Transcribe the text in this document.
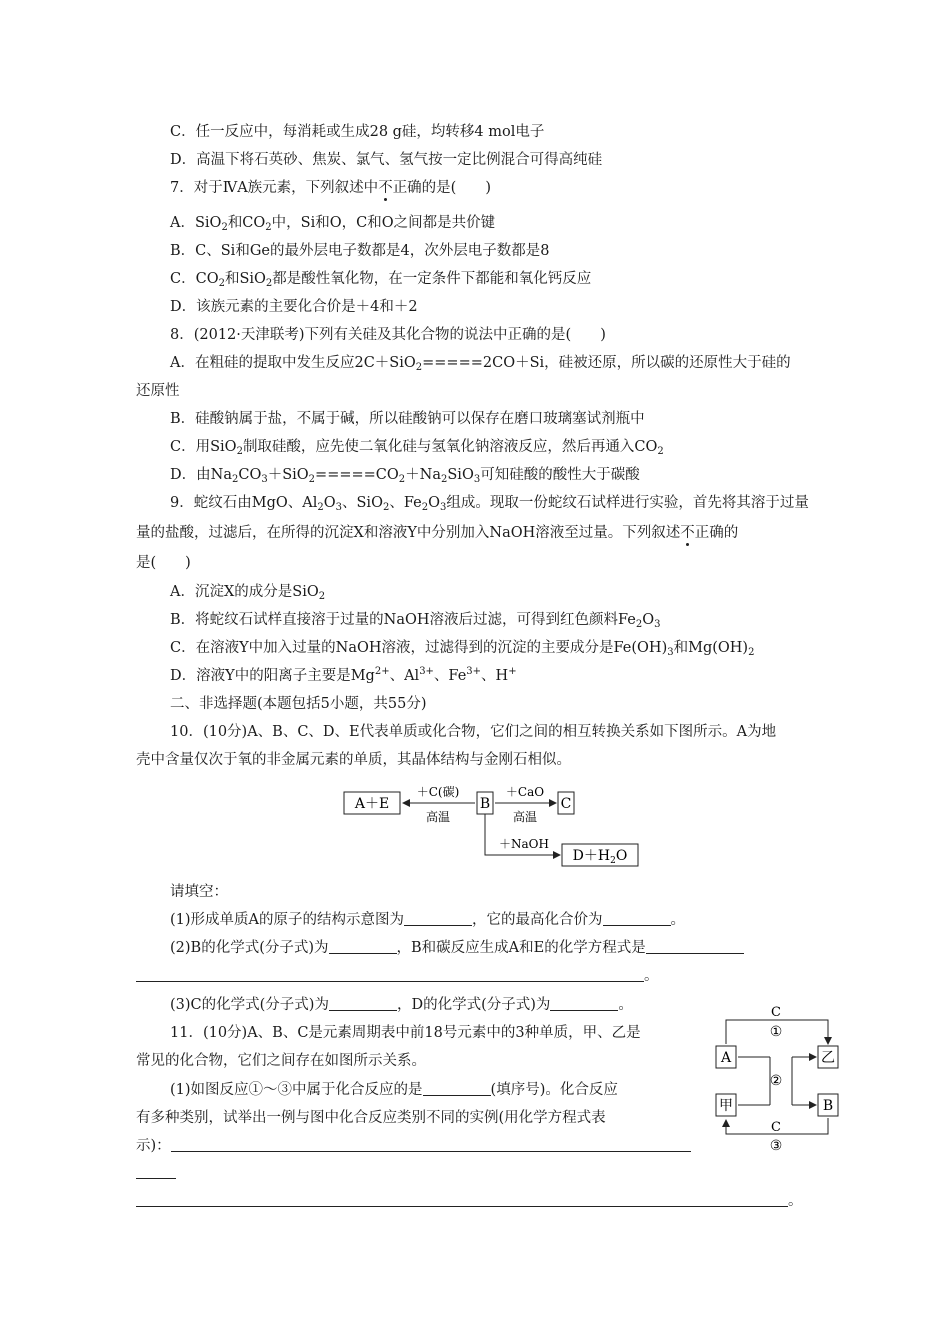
C．任一反应中，每消耗或生成28 g硅，均转移4 mol电子
D．高温下将石英砂、焦炭、氯气、氢气按一定比例混合可得高纯硅
7．对于ⅣA族元素，下列叙述中不正确的是(　　)
A．SiO$_2$和$CO_2$中，Si和O，C和O之间都是共价键
B．C、Si和Ge的最外层电子数都是4，次外层电子数都是8
C．$CO_2$和SiO$_2$都是酸性氧化物，在一定条件下都能和氧化钙反应
D．该族元素的主要化合价是＋4和＋2
8．(2012·天津联考)下列有关硅及其化合物的说法中正确的是(　　)
A．在粗硅的提取中发生反应2C＋SiO$_2$=====2CO＋Si，硅被还原，所以碳的还原性大于硅的
还原性
B．硅酸钠属于盐，不属于碱，所以硅酸钠可以保存在磨口玻璃塞试剂瓶中
C．用SiO$_2$制取硅酸，应先使二氧化硅与氢氧化钠溶液反应，然后再通入$CO_2$
D．由$Na_2CO_3+SiO_2=====CO_2+Na_2SiO_3$可知硅酸的酸性大于碳酸
9．蛇纹石由MgO、$Al_2O_3$、SiO$_2$、$Fe_2O_3$组成。现取一份蛇纹石试样进行实验，首先将其溶于过量
量的盐酸，过滤后，在所得的沉淀X和溶液Y中分别加入NaOH溶液至过量。下列叙述不正确的
是(　　)
A．沉淀X的成分是SiO$_2$
B．将蛇纹石试样直接溶于过量的NaOH溶液后过滤，可得到红色颜料$Fe_2O_3$
C．在溶液Y中加入过量的NaOH溶液，过滤得到的沉淀的主要成分是$Fe(OH)_3$和$Mg(OH)_2$
D．溶液Y中的阳离子主要是$Mg^{2+}$、$Al^{3+}$、$Fe^{3+}$、H+
二、非选择题(本题包括5小题，共55分)
10．(10分)A、B、C、D、E代表单质或化合物，它们之间的相互转换关系如下图所示。A为地
壳中含量仅次于氧的非金属元素的单质，其晶体结构与金刚石相似。
A＋E	B	C
$D+H_2O$
＋C(碳)
高温
＋CaO
高温
＋NaOH
请填空：
(1)形成单质A的原子的结构示意图为	，它的最高化合价为	。
(2)B的化学式(分子式)为	，B和碳反应生成A和E的化学方程式是
。
(3)C的化学式(分子式)为	，D的化学式(分子式)为	。
11．(10分)A、B、C是元素周期表中前18号元素中的3种单质，甲、乙是
常见的化合物，它们之间存在如图所示关系。
(1)如图反应①～③中属于化合反应的是	(填序号)。化合反应
有多种类别，试举出一例与图中化合反应类别不同的实例(用化学方程式表
示)：
。
A	乙
甲	B
C
①
②
C
③
